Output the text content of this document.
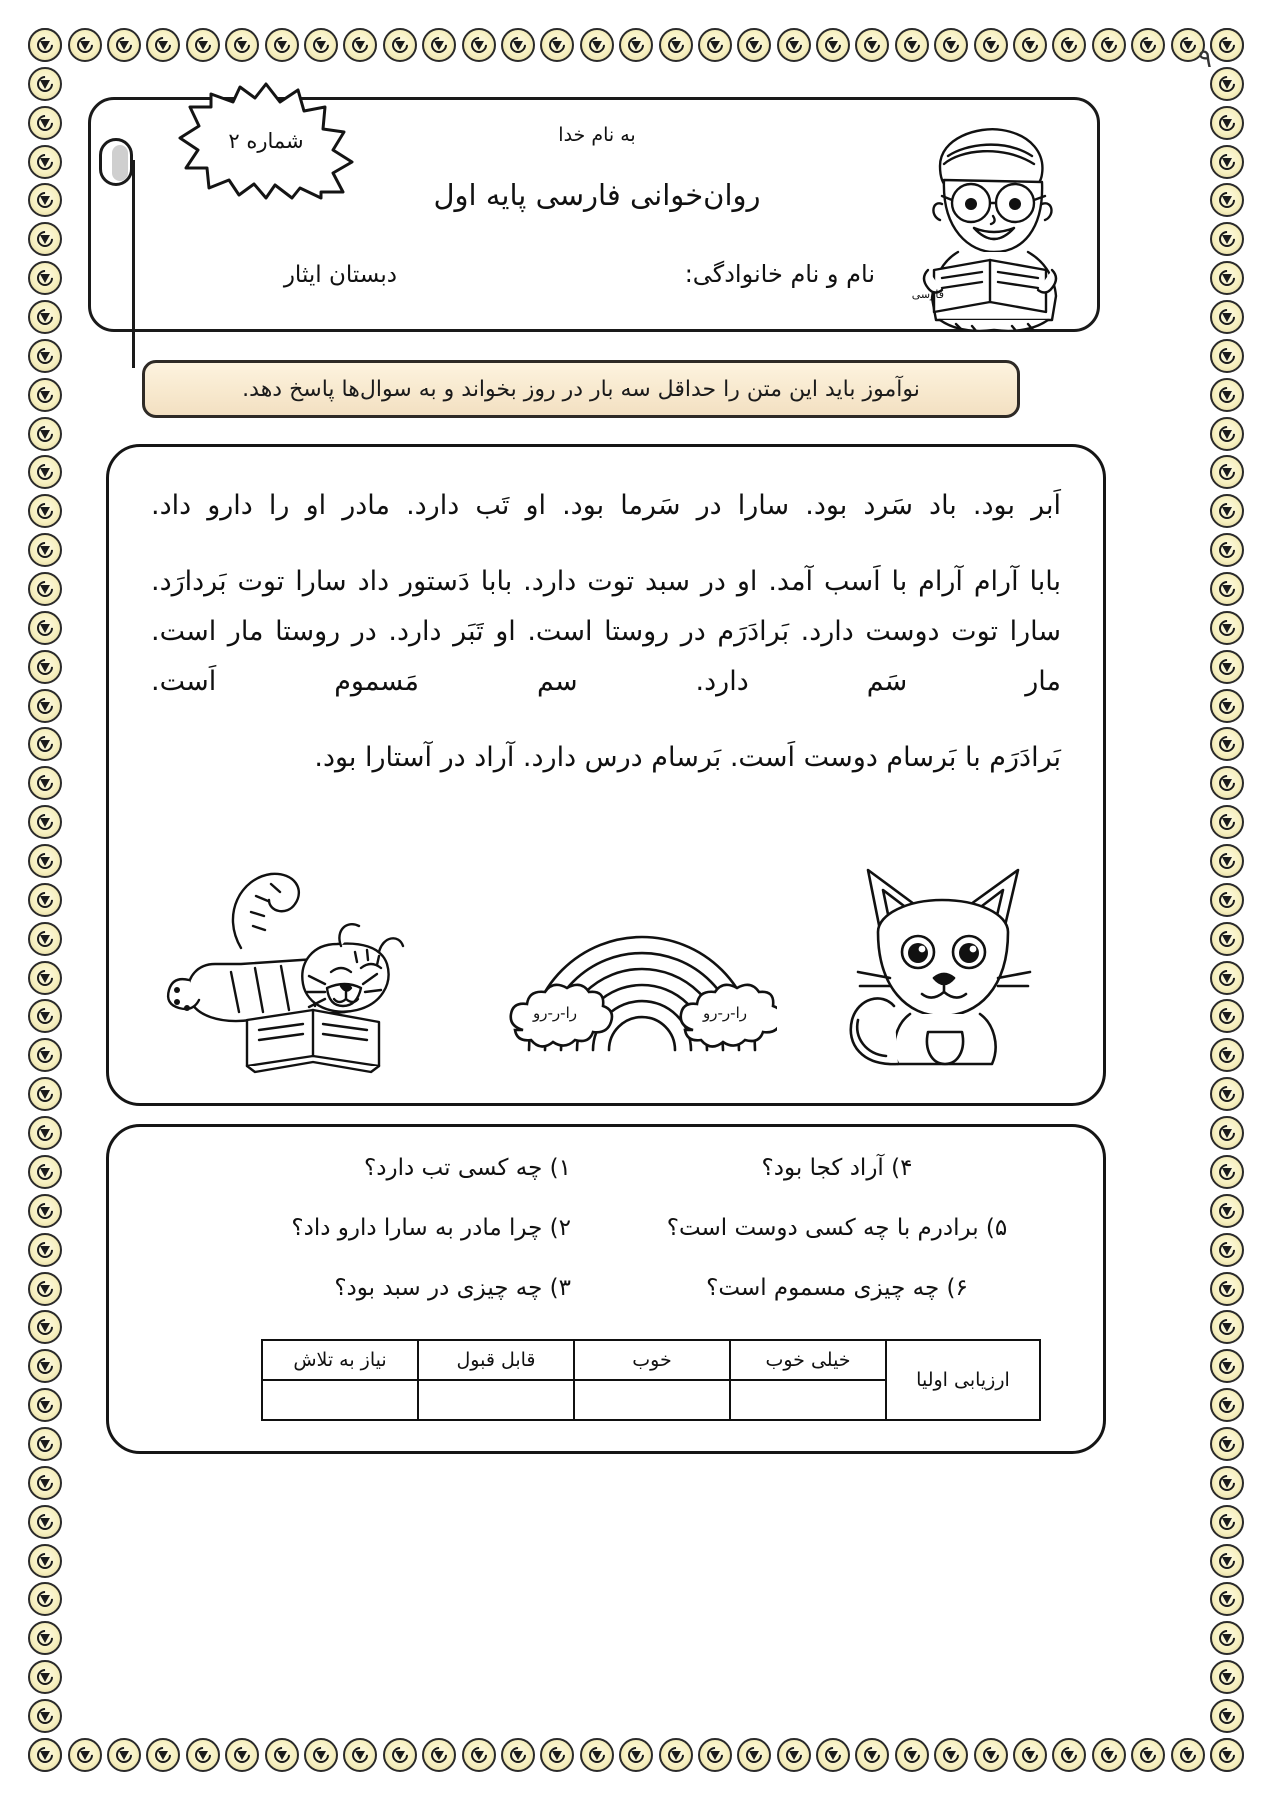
۹
شماره ۲	به نام خدا
روان‌خوانی فارسی پایه اول
نام و نام خانوادگی:
دبستان ایثار
فارسی
نوآموز باید این متن را حداقل سه بار در روز بخواند و به سوال‌ها پاسخ دهد.

اَبر بود. باد سَرد بود. سارا در سَرما بود. او تَب دارد. مادر او را دارو داد.

بابا آرام آرام با اَسب آمد. او در سبد توت دارد. بابا دَستور داد سارا توت بَردارَد. سارا توت دوست دارد. بَرادَرَم در روستا است. او تَبَر دارد. در روستا مار است. مار سَم دارد. سم مَسموم اَست.

بَرادَرَم با بَرسام دوست اَست. بَرسام درس دارد. آراد در آستارا بود.

را-ر-رو	را-ر-رو
۴) آراد کجا بود؟
۱) چه کسی تب دارد؟
۵) برادرم با چه کسی دوست است؟
۲) چرا مادر به سارا دارو داد؟
۶) چه چیزی مسموم است؟
۳) چه چیزی در سبد بود؟
ارزیابی اولیا	خیلی خوب	خوب	قابل قبول	نیاز به تلاش
